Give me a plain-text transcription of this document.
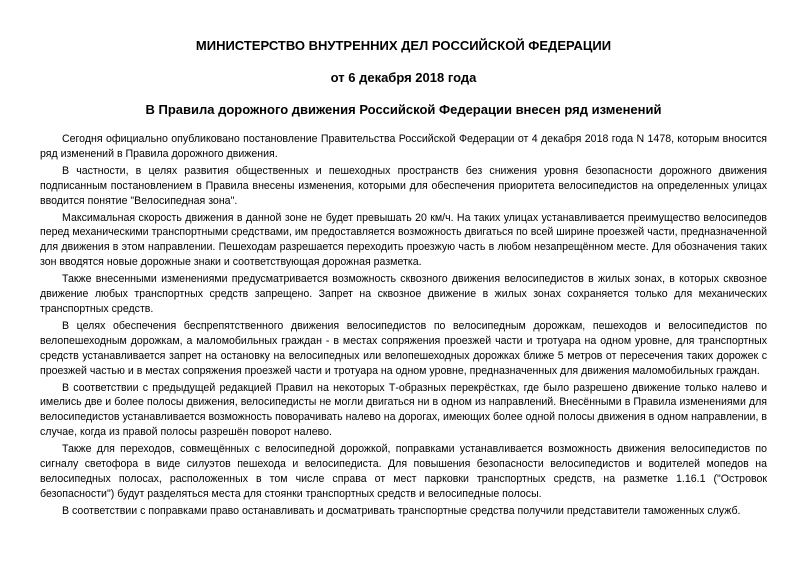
МИНИСТЕРСТВО ВНУТРЕННИХ ДЕЛ РОССИЙСКОЙ ФЕДЕРАЦИИ
от 6 декабря 2018 года
В Правила дорожного движения Российской Федерации внесен ряд изменений

Сегодня официально опубликовано постановление Правительства Российской Федерации от 4 декабря 2018 года N 1478, которым вносится ряд изменений в Правила дорожного движения.

В частности, в целях развития общественных и пешеходных пространств без снижения уровня безопасности дорожного движения подписанным постановлением в Правила внесены изменения, которыми для обеспечения приоритета велосипедистов на определенных улицах вводится понятие "Велосипедная зона".

Максимальная скорость движения в данной зоне не будет превышать 20 км/ч. На таких улицах устанавливается преимущество велосипедов перед механическими транспортными средствами, им предоставляется возможность двигаться по всей ширине проезжей части, предназначенной для движения в этом направлении. Пешеходам разрешается переходить проезжую часть в любом незапрещённом месте. Для обозначения таких зон вводятся новые дорожные знаки и соответствующая дорожная разметка.

Также внесенными изменениями предусматривается возможность сквозного движения велосипедистов в жилых зонах, в которых сквозное движение любых транспортных средств запрещено. Запрет на сквозное движение в жилых зонах сохраняется только для механических транспортных средств.

В целях обеспечения беспрепятственного движения велосипедистов по велосипедным дорожкам, пешеходов и велосипедистов по велопешеходным дорожкам, а маломобильных граждан - в местах сопряжения проезжей части и тротуара на одном уровне, для транспортных средств устанавливается запрет на остановку на велосипедных или велопешеходных дорожках ближе 5 метров от пересечения таких дорожек с проезжей частью и в местах сопряжения проезжей части и тротуара на одном уровне, предназначенных для движения маломобильных граждан.

В соответствии с предыдущей редакцией Правил на некоторых Т-образных перекрёстках, где было разрешено движение только налево и имелись две и более полосы движения, велосипедисты не могли двигаться ни в одном из направлений. Внесёнными в Правила изменениями для велосипедистов устанавливается возможность поворачивать налево на дорогах, имеющих более одной полосы движения в одном направлении, в случае, когда из правой полосы разрешён поворот налево.

Также для переходов, совмещённых с велосипедной дорожкой, поправками устанавливается возможность движения велосипедистов по сигналу светофора в виде силуэтов пешехода и велосипедиста. Для повышения безопасности велосипедистов и водителей мопедов на велосипедных полосах, расположенных в том числе справа от мест парковки транспортных средств, на разметке 1.16.1 ("Островок безопасности") будут разделяться места для стоянки транспортных средств и велосипедные полосы.

В соответствии с поправками право останавливать и досматривать транспортные средства получили представители таможенных служб.
